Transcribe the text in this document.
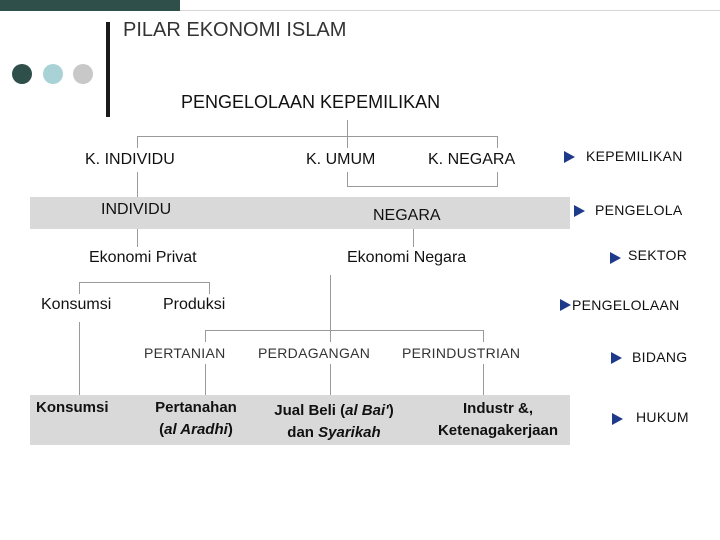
PILAR EKONOMI ISLAM
PENGELOLAAN KEPEMILIKAN
K. INDIVIDU	K. UMUM	K. NEGARA
INDIVIDU	NEGARA
Ekonomi Privat	Ekonomi Negara
Konsumsi	Produksi
PERTANIAN PERDAGANGAN PERINDUSTRIAN
Konsumsi	Pertanahan
(al Aradhi)
Jual Beli (al Bai')
dan Syarikah
Industr &,
Ketenagakerjaan
KEPEMILIKAN
PENGELOLA
SEKTOR
PENGELOLAAN
BIDANG
HUKUM
